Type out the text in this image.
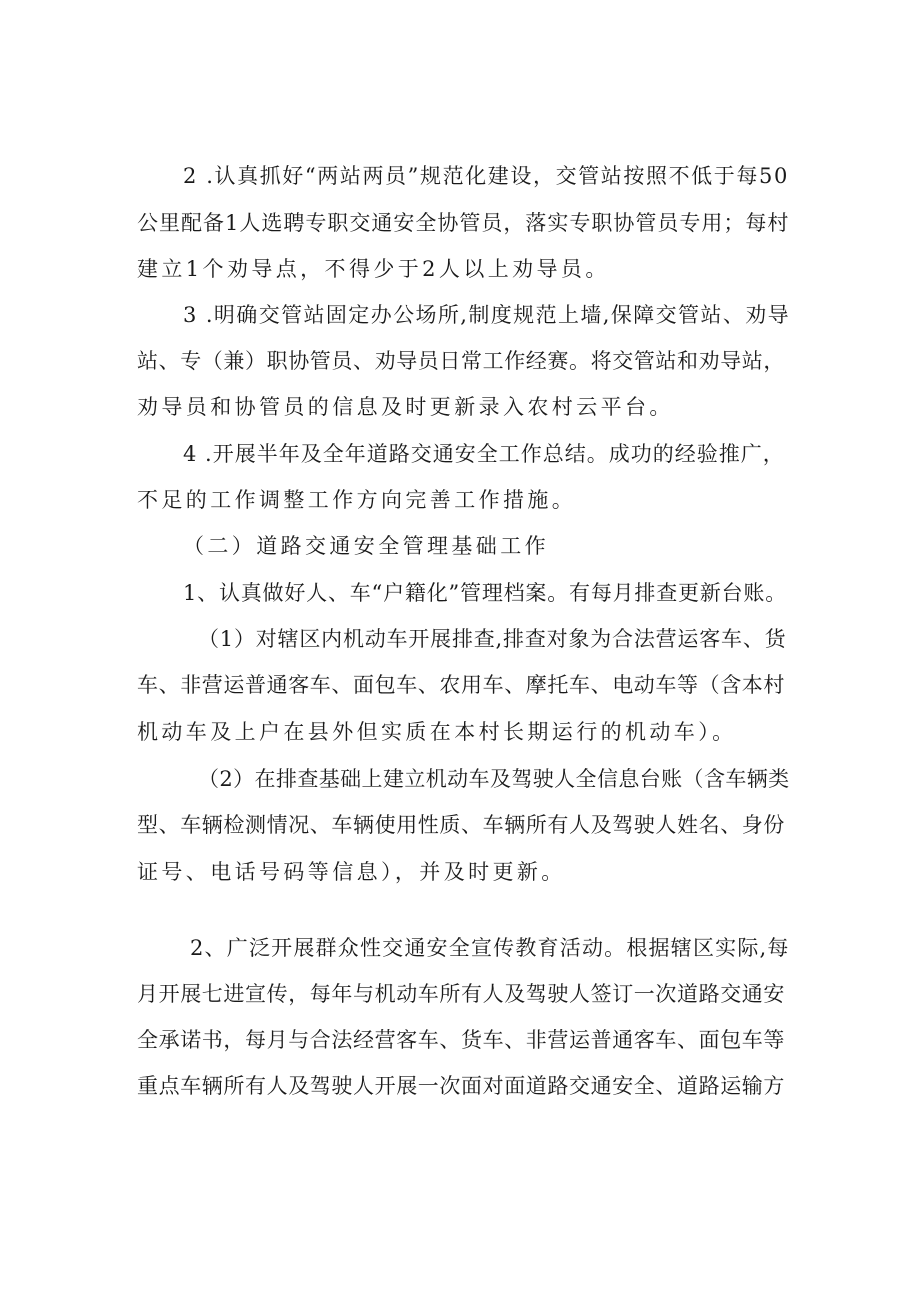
2 .认真抓好“两站两员”规范化建设，交管站按照不低于每50
公里配备1人选聘专职交通安全协管员，落实专职协管员专用；每村
建立1个劝导点，不得少于2人以上劝导员。
3 .明确交管站固定办公场所,制度规范上墙,保障交管站、劝导
站、专（兼）职协管员、劝导员日常工作经赛。将交管站和劝导站，
劝导员和协管员的信息及时更新录入农村云平台。
4 .开展半年及全年道路交通安全工作总结。成功的经验推广，
不足的工作调整工作方向完善工作措施。
（二）道路交通安全管理基础工作
1、认真做好人、车“户籍化”管理档案。有每月排查更新台账。
（1）对辖区内机动车开展排查,排查对象为合法营运客车、货
车、非营运普通客车、面包车、农用车、摩托车、电动车等（含本村
机动车及上户在县外但实质在本村长期运行的机动车）。
（2）在排查基础上建立机动车及驾驶人全信息台账（含车辆类
型、车辆检测情况、车辆使用性质、车辆所有人及驾驶人姓名、身份
证号、电话号码等信息），并及时更新。
2、广泛开展群众性交通安全宣传教育活动。根据辖区实际,每
月开展七进宣传，每年与机动车所有人及驾驶人签订一次道路交通安
全承诺书，每月与合法经营客车、货车、非营运普通客车、面包车等
重点车辆所有人及驾驶人开展一次面对面道路交通安全、道路运输方
